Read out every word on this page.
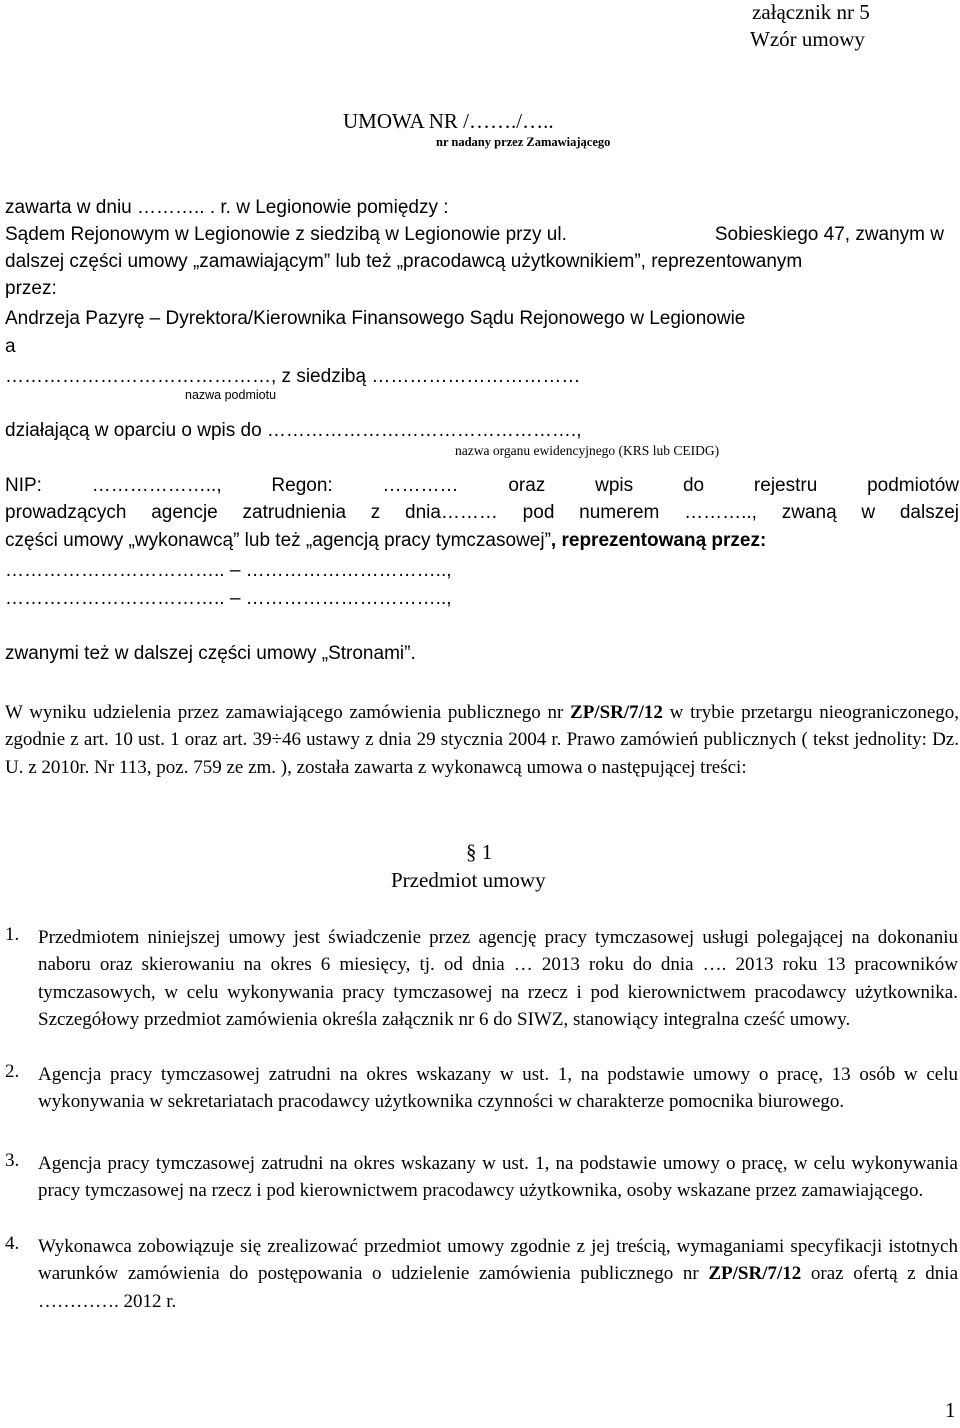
załącznik nr 5
Wzór umowy
UMOWA NR /……./…..
nr nadany przez Zamawiającego
zawarta w dniu ……….. . r. w Legionowie pomiędzy :
Sądem Rejonowym w Legionowie z siedzibą w Legionowie przy ul.	Sobieskiego 47, zwanym w
dalszej części umowy „zamawiającym” lub też „pracodawcą użytkownikiem”, reprezentowanym
przez:
Andrzeja Pazyrę – Dyrektora/Kierownika Finansowego Sądu Rejonowego w Legionowie
a
……………………………………, z siedzibą ……………………………
nazwa podmiotu
działającą w oparciu o wpis do ………………………………………….,
nazwa organu ewidencyjnego (KRS lub CEIDG)
NIP: ……………….., Regon: ………… oraz wpis do rejestru podmiotów
prowadzących agencje zatrudnienia z dnia……… pod numerem ……….., zwaną w dalszej
części umowy „wykonawcą” lub też „agencją pracy tymczasowej”, reprezentowaną przez:
…………………………….. – …………………………..,
…………………………….. – …………………………..,
zwanymi też w dalszej części umowy „Stronami”.

W wyniku udzielenia przez zamawiającego zamówienia publicznego nr ZP/SR/7/12 w trybie przetargu nieograniczonego, zgodnie z art. 10 ust. 1 oraz art. 39÷46 ustawy z dnia 29 stycznia 2004 r. Prawo zamówień publicznych ( tekst jednolity: Dz. U. z 2010r. Nr 113, poz. 759 ze zm. ), została zawarta z wykonawcą umowa o następującej treści:

§ 1
Przedmiot umowy
1. Przedmiotem niniejszej umowy jest świadczenie przez agencję pracy tymczasowej usługi polegającej na dokonaniu naboru oraz skierowaniu na okres 6 miesięcy, tj. od dnia … 2013 roku do dnia …. 2013 roku 13 pracowników tymczasowych, w celu wykonywania pracy tymczasowej na rzecz i pod kierownictwem pracodawcy użytkownika. Szczegółowy przedmiot zamówienia określa załącznik nr 6 do SIWZ, stanowiący integralna cześć umowy.

2. Agencja pracy tymczasowej zatrudni na okres wskazany w ust. 1, na podstawie umowy o pracę, 13 osób w celu wykonywania w sekretariatach pracodawcy użytkownika czynności w charakterze pomocnika biurowego.

3. Agencja pracy tymczasowej zatrudni na okres wskazany w ust. 1, na podstawie umowy o pracę, w celu wykonywania pracy tymczasowej na rzecz i pod kierownictwem pracodawcy użytkownika, osoby wskazane przez zamawiającego.

4. Wykonawca zobowiązuje się zrealizować przedmiot umowy zgodnie z jej treścią, wymaganiami specyfikacji istotnych warunków zamówienia do postępowania o udzielenie zamówienia publicznego nr ZP/SR/7/12 oraz ofertą z dnia …………. 2012 r.

1
